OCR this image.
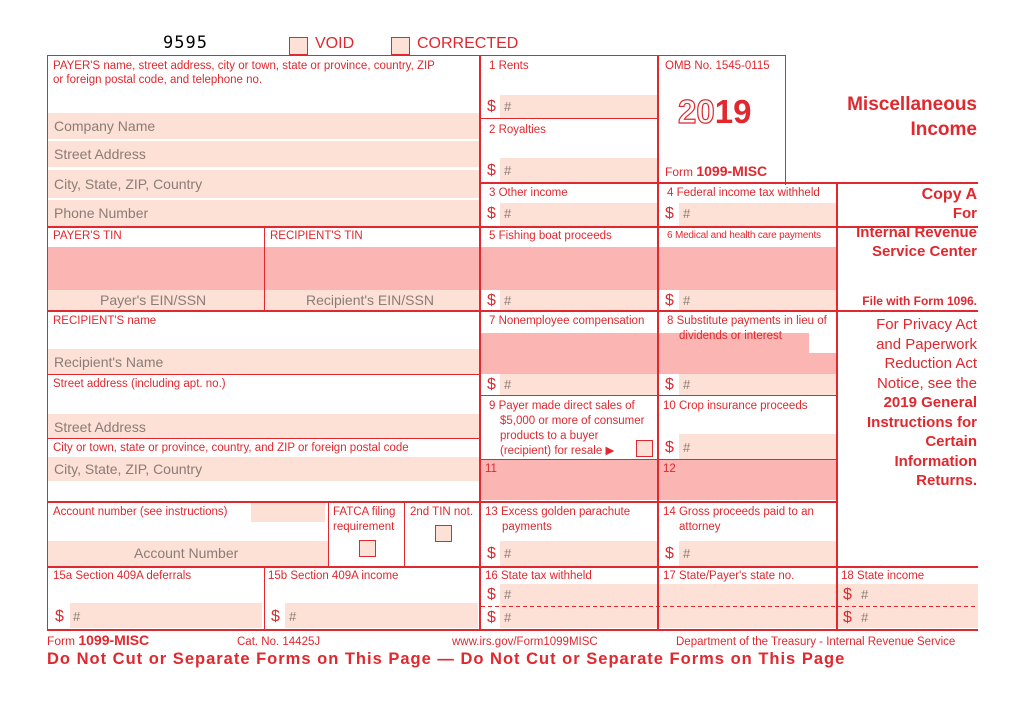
9595	VOID	CORRECTED
PAYER'S name, street address, city or town, state or province, country, ZIP
or foreign postal code, and telephone no.
Company Name
Street Address
City, State, ZIP, Country
Phone Number
PAYER'S TIN	RECIPIENT'S TIN
Payer's EIN/SSN	Recipient's EIN/SSN
RECIPIENT'S name
Recipient's Name
Street address (including apt. no.)
Street Address
City or town, state or province, country, and ZIP or foreign postal code
City, State, ZIP, Country
Account number (see instructions)
Account Number
FATCA filing
requirement
2nd TIN not.
1 Rents
$ #
2 Royalties
$ #
3 Other income
$ #
5 Fishing boat proceeds
$ #
7 Nonemployee compensation
$ #
9 Payer made direct sales of
$5,000 or more of consumer
products to a buyer
(recipient) for resale ▶
11
13 Excess golden parachute
payments
$ #
16 State tax withheld
$ #
$ #
OMB No. 1545-0115
2019
Form 1099-MISC
Miscellaneous
Income
4 Federal income tax withheld
$ #
6 Medical and health care payments
$ #
8 Substitute payments in lieu of
dividends or interest
$ #
10 Crop insurance proceeds
$ #
12
14 Gross proceeds paid to an
attorney
$ #
17 State/Payer's state no.
Copy A
For
Internal Revenue
Service Center
File with Form 1096.
For Privacy Act
and Paperwork
Reduction Act
Notice, see the
2019 General
Instructions for
Certain
Information
Returns.
18 State income
$ #
$ #
15a Section 409A deferrals
$ #
15b Section 409A income
$ #
Form 1099-MISC	Cat. No. 14425J	www.irs.gov/Form1099MISC	Department of the Treasury - Internal Revenue Service
Do Not Cut or Separate Forms on This Page — Do Not Cut or Separate Forms on This Page
